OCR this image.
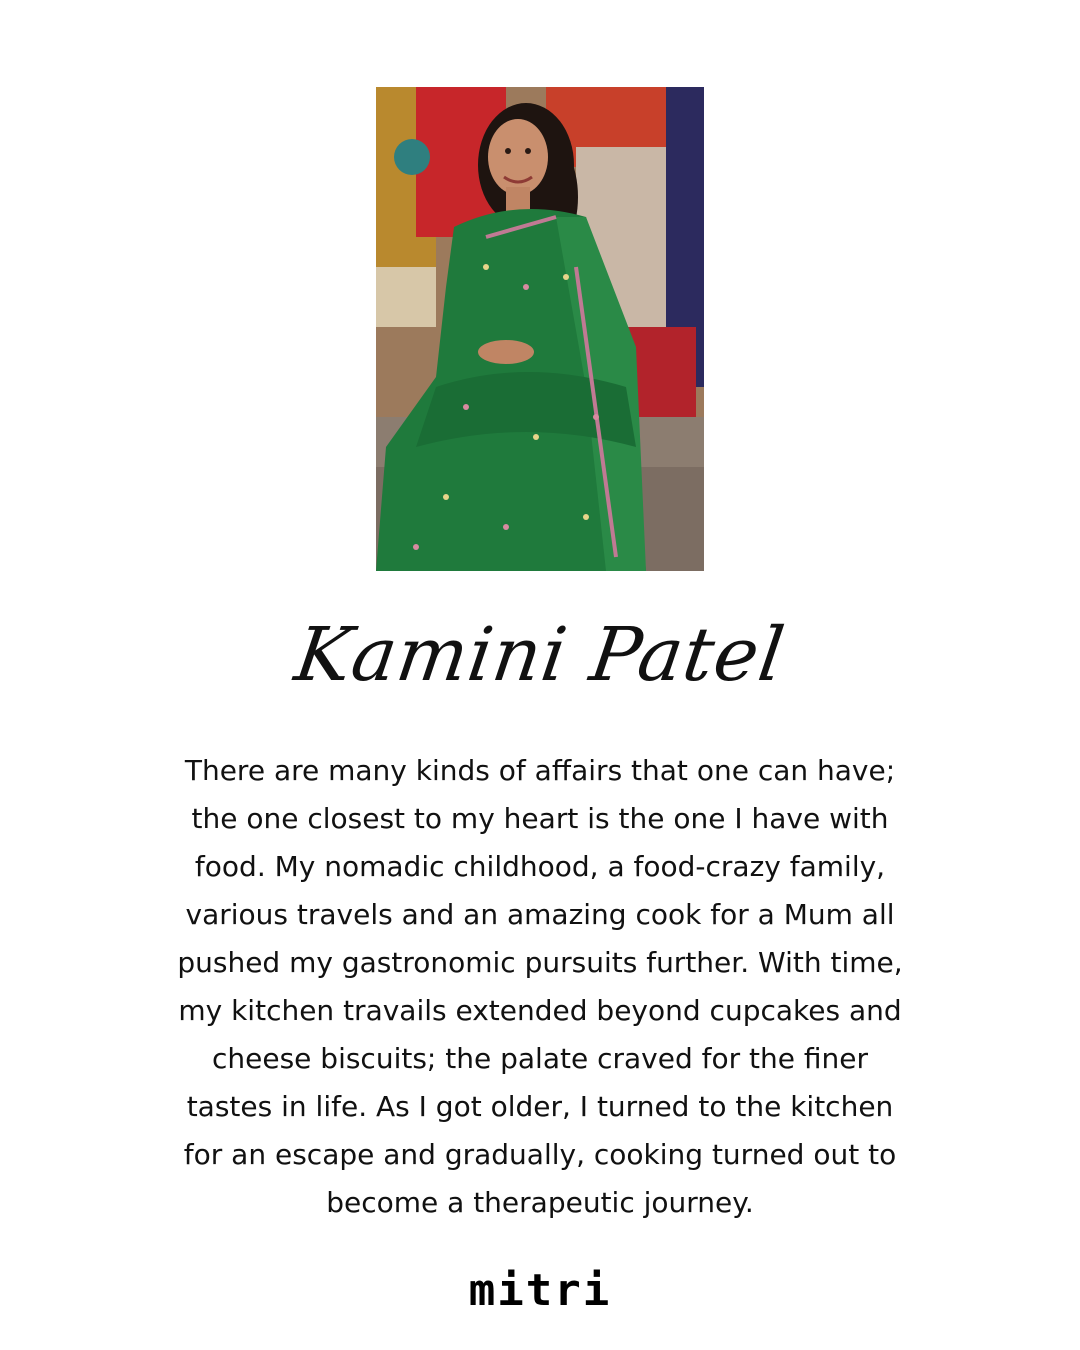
Kamini Patel

There are many kinds of affairs that one can have;
the one closest to my heart is the one I have with
food. My nomadic childhood, a food-crazy family,
various travels and an amazing cook for a Mum all
pushed my gastronomic pursuits further. With time,
my kitchen travails extended beyond cupcakes and
cheese biscuits; the palate craved for the finer
tastes in life. As I got older, I turned to the kitchen
for an escape and gradually, cooking turned out to
become a therapeutic journey.

mitri
